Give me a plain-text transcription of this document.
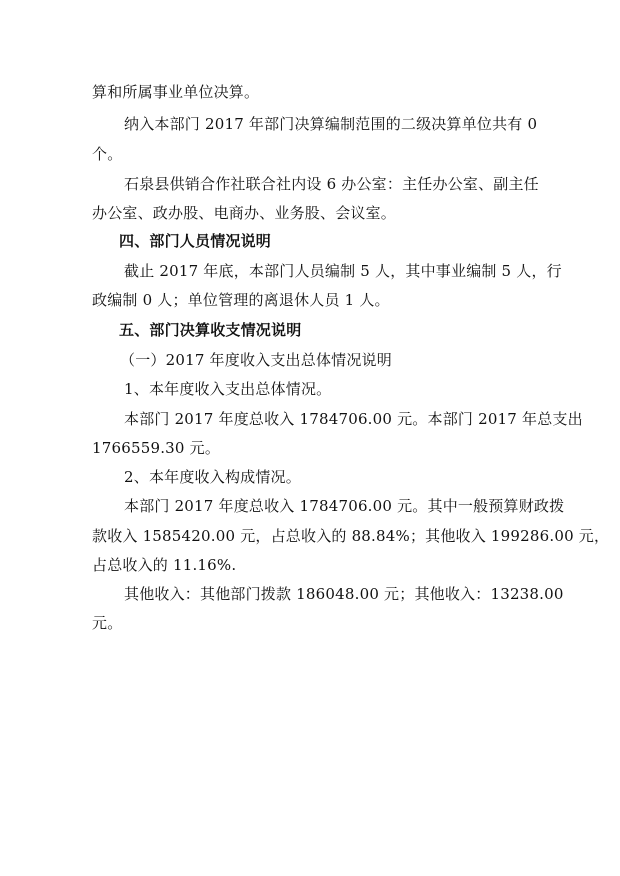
算和所属事业单位决算。
纳入本部门 2017 年部门决算编制范围的二级决算单位共有 0
个。
石泉县供销合作社联合社内设 6 办公室：主任办公室、副主任
办公室、政办股、电商办、业务股、会议室。
四、部门人员情况说明
截止 2017 年底，本部门人员编制 5 人，其中事业编制 5 人，行
政编制 0 人；单位管理的离退休人员 1 人。
五、部门决算收支情况说明
（一）2017 年度收入支出总体情况说明
1、本年度收入支出总体情况。
本部门 2017 年度总收入 1784706.00 元。本部门 2017 年总支出
1766559.30 元。
2、本年度收入构成情况。
本部门 2017 年度总收入 1784706.00 元。其中一般预算财政拨
款收入 1585420.00 元，占总收入的 88.84%；其他收入 199286.00 元，
占总收入的 11.16%.
其他收入：其他部门拨款 186048.00 元；其他收入：13238.00
元。
